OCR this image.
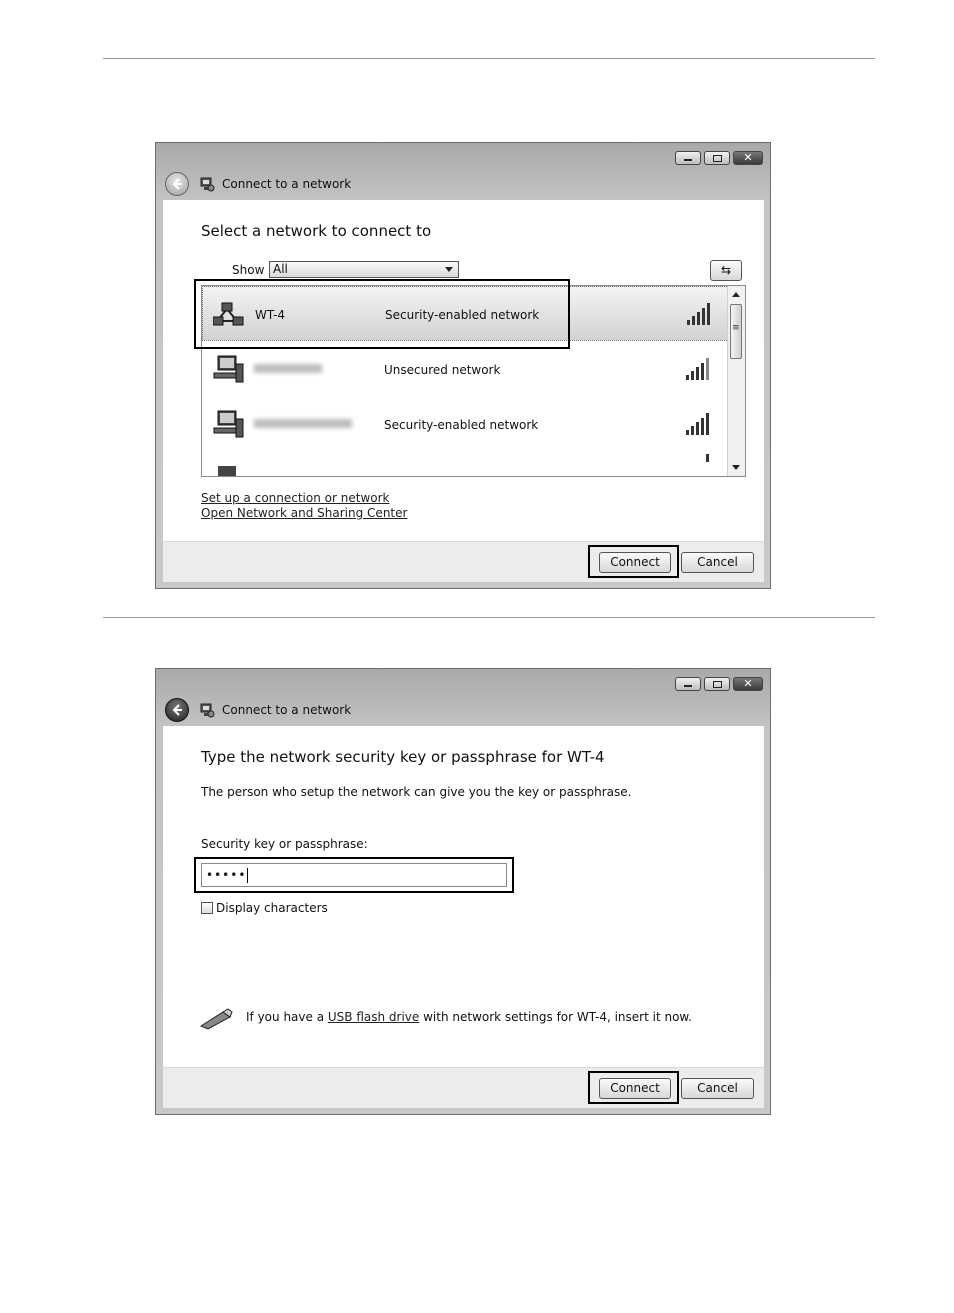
✕
Connect to a network
Connect	Cancel
Select a network to connect to
Show All	⇆
WT-4	Security-enabled network
Unsecured network
Security-enabled network
≡
Set up a connection or network
Open Network and Sharing Center
✕
Connect to a network
Connect	Cancel
Type the network security key or passphrase for WT-4
The person who setup the network can give you the key or passphrase.
Security key or passphrase:
•••••
Display characters
If you have a USB flash drive with network settings for WT-4, insert it now.
